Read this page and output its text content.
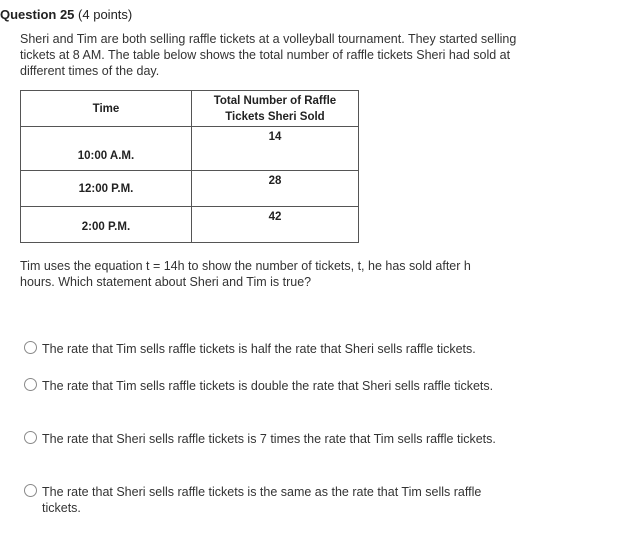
Question 25 (4 points)
Sheri and Tim are both selling raffle tickets at a volleyball tournament. They started selling tickets at 8 AM. The table below shows the total number of raffle tickets Sheri had sold at different times of the day.
Time	Total Number of Raffle
Tickets Sheri Sold
10:00 A.M.	14
12:00 P.M.	28
2:00 P.M.	42
Tim uses the equation t = 14h to show the number of tickets, t, he has sold after h hours. Which statement about Sheri and Tim is true?
The rate that Tim sells raffle tickets is half the rate that Sheri sells raffle tickets.
The rate that Tim sells raffle tickets is double the rate that Sheri sells raffle tickets.
The rate that Sheri sells raffle tickets is 7 times the rate that Tim sells raffle tickets.
The rate that Sheri sells raffle tickets is the same as the rate that Tim sells raffle tickets.
